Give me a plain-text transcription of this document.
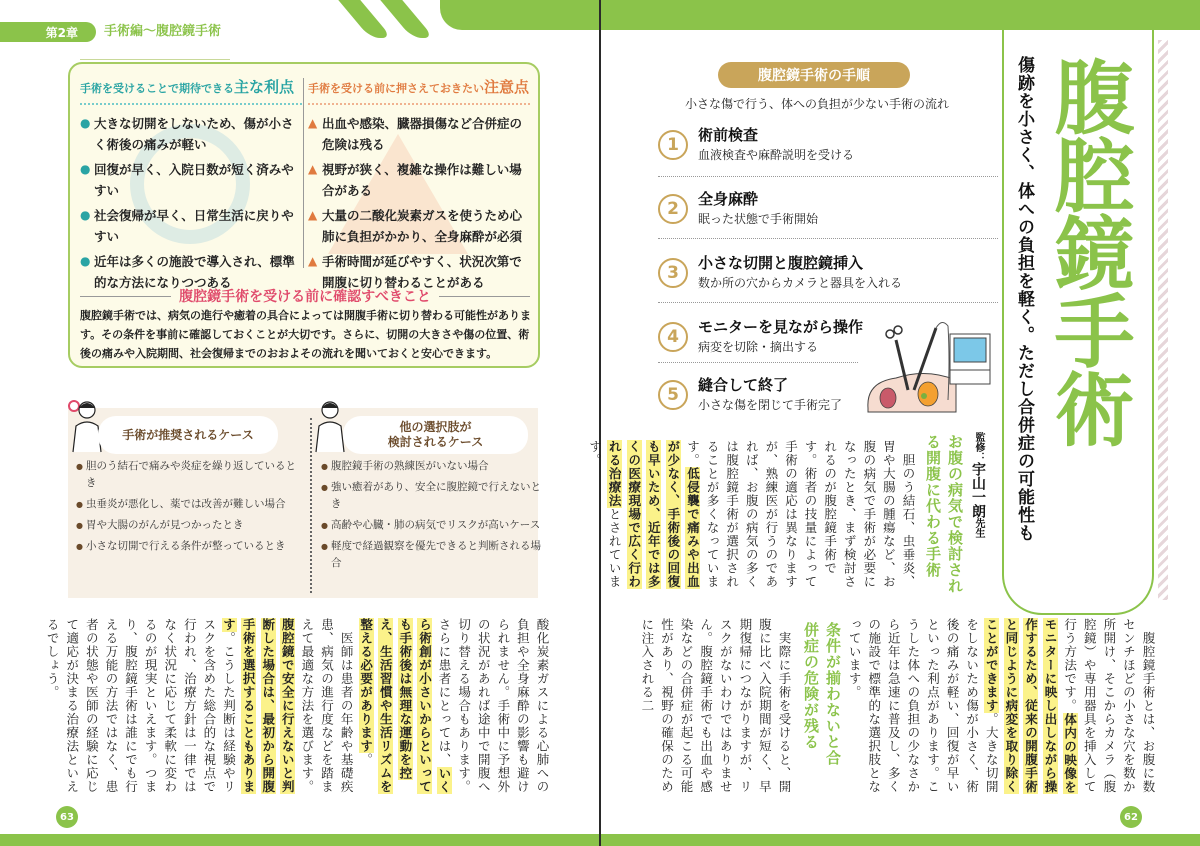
第2章	手術編～腹腔鏡手術
手術を受けることで期待できる主な利点
● 大きな切開をしないため、傷が小さく術後の痛みが軽い
● 回復が早く、入院日数が短く済みやすい
● 社会復帰が早く、日常生活に戻りやすい
● 近年は多くの施設で導入され、標準的な方法になりつつある
手術を受ける前に押さえておきたい注意点
▲ 出血や感染、臓器損傷など合併症の危険は残る
▲ 視野が狭く、複雑な操作は難しい場合がある
▲ 大量の二酸化炭素ガスを使うため心肺に負担がかかり、全身麻酔が必須
▲ 手術時間が延びやすく、状況次第で開腹に切り替わることがある
腹腔鏡手術を受ける前に確認すべきこと
腹腔鏡手術では、病気の進行や癒着の具合によっては開腹手術に切り替わる可能性があります。その条件を事前に確認しておくことが大切です。さらに、切開の大きさや傷の位置、術後の痛みや入院期間、社会復帰までのおおよその流れを聞いておくと安心できます。
手術が推奨されるケース
● 胆のう結石で痛みや炎症を繰り返しているとき
● 虫垂炎が悪化し、薬では改善が難しい場合
● 胃や大腸のがんが見つかったとき
● 小さな切開で行える条件が整っているとき
他の選択肢が
検討されるケース
● 腹腔鏡手術の熟練医がいない場合
● 強い癒着があり、安全に腹腔鏡で行えないとき
● 高齢や心臓・肺の病気でリスクが高いケース
● 軽度で経過観察を優先できると判断される場合
酸化炭素ガスによる心肺への負担や全身麻酔の影響も避けられません。手術中に予想外の状況があれば途中で開腹へ切り替える場合もあります。さらに患者にとっては、いくら術創が小さいからといっても手術後は無理な運動を控え、生活習慣や生活リズムを整える必要があります。
　医師は患者の年齢や基礎疾患、病気の進行度などを踏まえて最適な方法を選びます。腹腔鏡で安全に行えないと判断した場合は、最初から開腹手術を選択することもあります。こうした判断は経験やリスクを含めた総合的な視点で行われ、治療方針は一律ではなく状況に応じて柔軟に変わるのが現実といえます。つまり、腹腔鏡手術は誰にでも行える万能の方法ではなく、患者の状態や医師の経験に応じて適応が決まる治療法といえるでしょう。
63
腹腔鏡手術の手順
小さな傷で行う、体への負担が少ない手術の流れ
1	術前検査
血液検査や麻酔説明を受ける
2	全身麻酔
眠った状態で手術開始
3	小さな切開と腹腔鏡挿入
数か所の穴からカメラと器具を入れる
4	モニターを見ながら操作
病変を切除・摘出する
5	縫合して終了
小さな傷を閉じて手術完了	傷跡を小さく、体への負担を軽く。ただし合併症の可能性も 腹腔鏡手術
監修：宇山一朗先生
お腹の病気で検討される開腹に代わる手術
　胆のう結石、虫垂炎、胃や大腸の腫瘍など、お腹の病気で手術が必要になったとき、まず検討されるのが腹腔鏡手術です。術者の技量によって手術の適応は異なりますが、熟練医が行うのであれば、お腹の病気の多くは腹腔鏡手術が選択されることが多くなっています。低侵襲で痛みや出血が少なく、手術後の回復も早いため、近年では多くの医療現場で広く行われる治療法とされています。
　腹腔鏡手術とは、お腹に数センチほどの小さな穴を数か所開け、そこからカメラ（腹腔鏡）や専用器具を挿入して行う方法です。体内の映像をモニターに映し出しながら操作するため、従来の開腹手術と同じように病変を取り除くことができます。大きな切開をしないため傷が小さく、術後の痛みが軽い、回復が早いといった利点があります。こうした体への負担の少なさから近年は急速に普及し、多くの施設で標準的な選択肢となっています。
条件が揃わないと合併症の危険が残る
　実際に手術を受けると、開腹に比べ入院期間が短く、早期復帰につながりますが、リスクがないわけではありません。腹腔鏡手術でも出血や感染などの合併症が起こる可能性があり、視野の確保のために注入される二
62
